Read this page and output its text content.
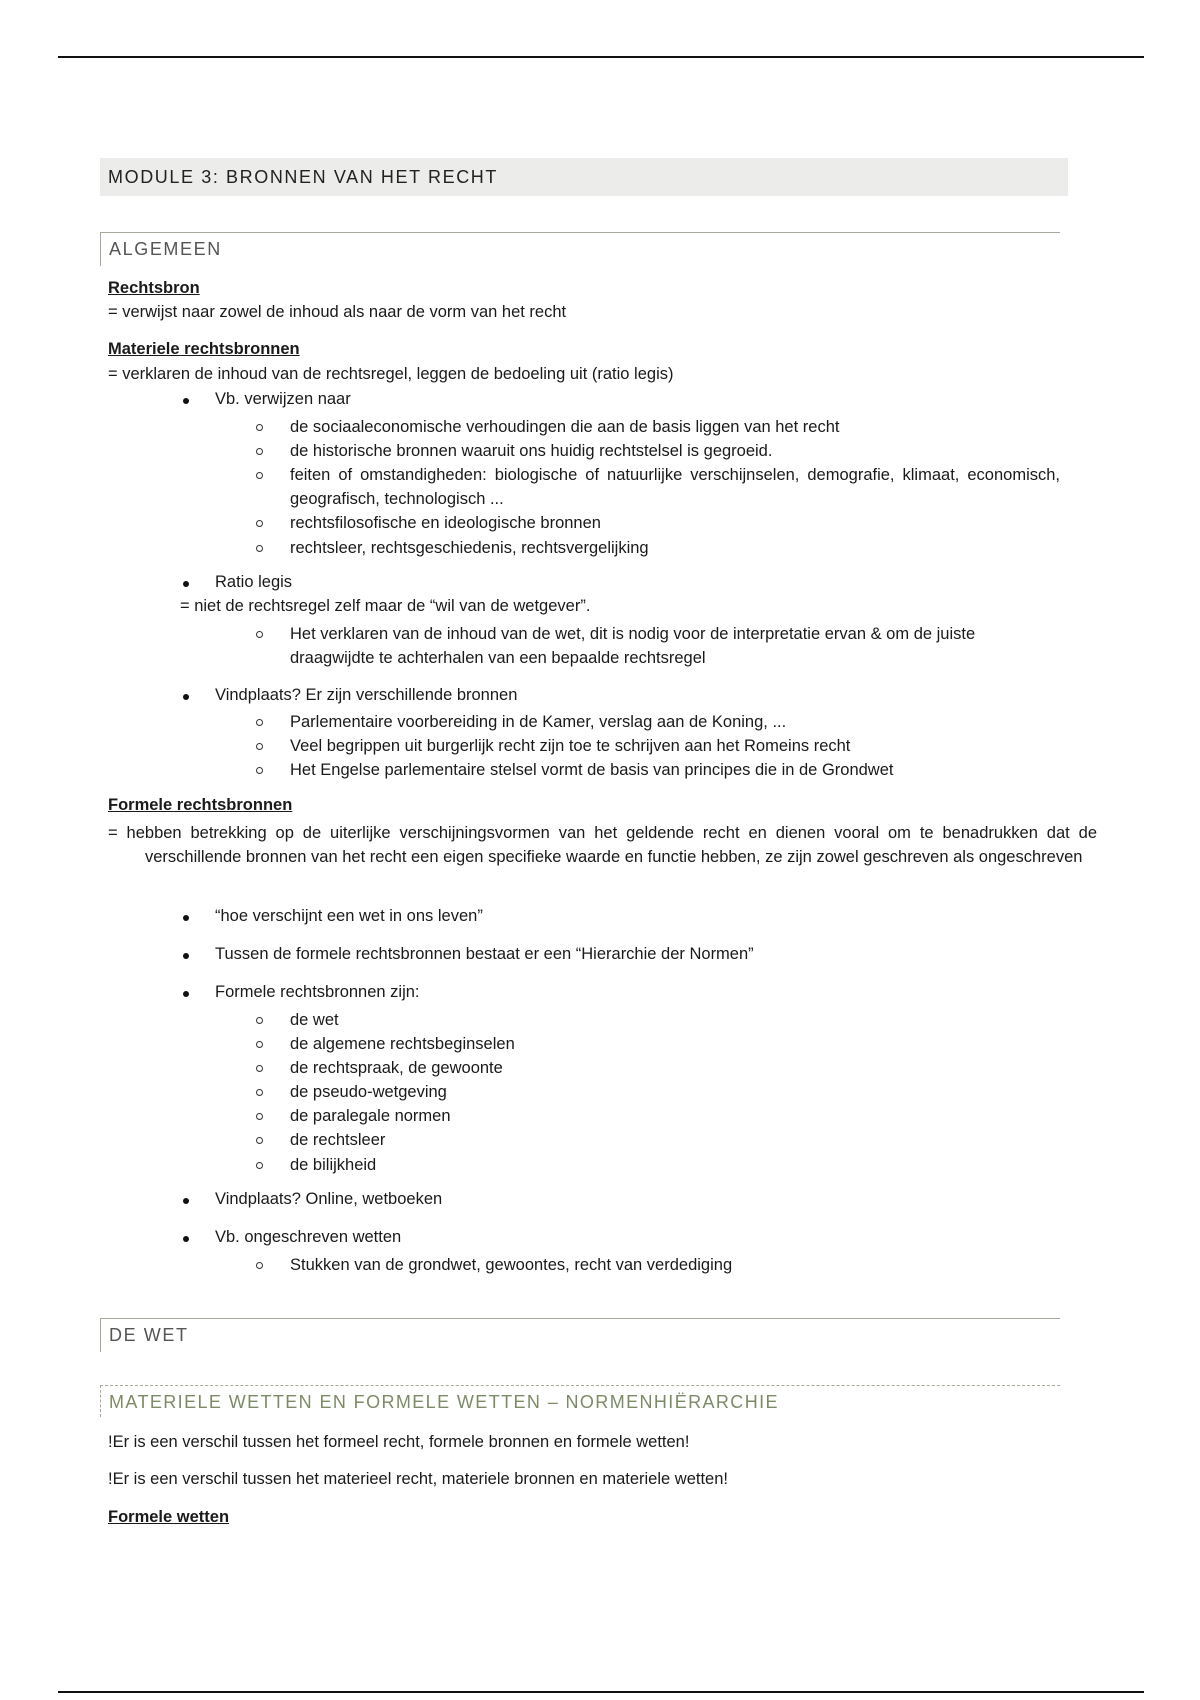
MODULE 3: BRONNEN VAN HET RECHT
ALGEMEEN
Rechtsbron
= verwijst naar zowel de inhoud als naar de vorm van het recht
Materiele rechtsbronnen
= verklaren de inhoud van de rechtsregel, leggen de bedoeling uit (ratio legis)
Vb. verwijzen naar
de sociaaleconomische verhoudingen die aan de basis liggen van het recht
de historische bronnen waaruit ons huidig rechtstelsel is gegroeid.
feiten of omstandigheden: biologische of natuurlijke verschijnselen, demografie, klimaat, economisch, geografisch, technologisch ...
rechtsfilosofische en ideologische bronnen
rechtsleer, rechtsgeschiedenis, rechtsvergelijking
Ratio legis
= niet de rechtsregel zelf maar de “wil van de wetgever”.
Het verklaren van de inhoud van de wet, dit is nodig voor de interpretatie ervan & om de juiste draagwijdte te achterhalen van een bepaalde rechtsregel
Vindplaats? Er zijn verschillende bronnen
Parlementaire voorbereiding in de Kamer, verslag aan de Koning, ...
Veel begrippen uit burgerlijk recht zijn toe te schrijven aan het Romeins recht
Het Engelse parlementaire stelsel vormt de basis van principes die in de Grondwet
Formele rechtsbronnen
= hebben betrekking op de uiterlijke verschijningsvormen van het geldende recht en dienen vooral om te benadrukken dat de verschillende bronnen van het recht een eigen specifieke waarde en functie hebben, ze zijn zowel geschreven als ongeschreven
“hoe verschijnt een wet in ons leven”
Tussen de formele rechtsbronnen bestaat er een “Hierarchie der Normen”
Formele rechtsbronnen zijn:
de wet
de algemene rechtsbeginselen
de rechtspraak, de gewoonte
de pseudo-wetgeving
de paralegale normen
de rechtsleer
de bilijkheid
Vindplaats? Online, wetboeken
Vb. ongeschreven wetten
Stukken van de grondwet, gewoontes, recht van verdediging
DE WET
MATERIELE WETTEN EN FORMELE WETTEN – NORMENHIËRARCHIE
!Er is een verschil tussen het formeel recht, formele bronnen en formele wetten!
!Er is een verschil tussen het materieel recht, materiele bronnen en materiele wetten!
Formele wetten
